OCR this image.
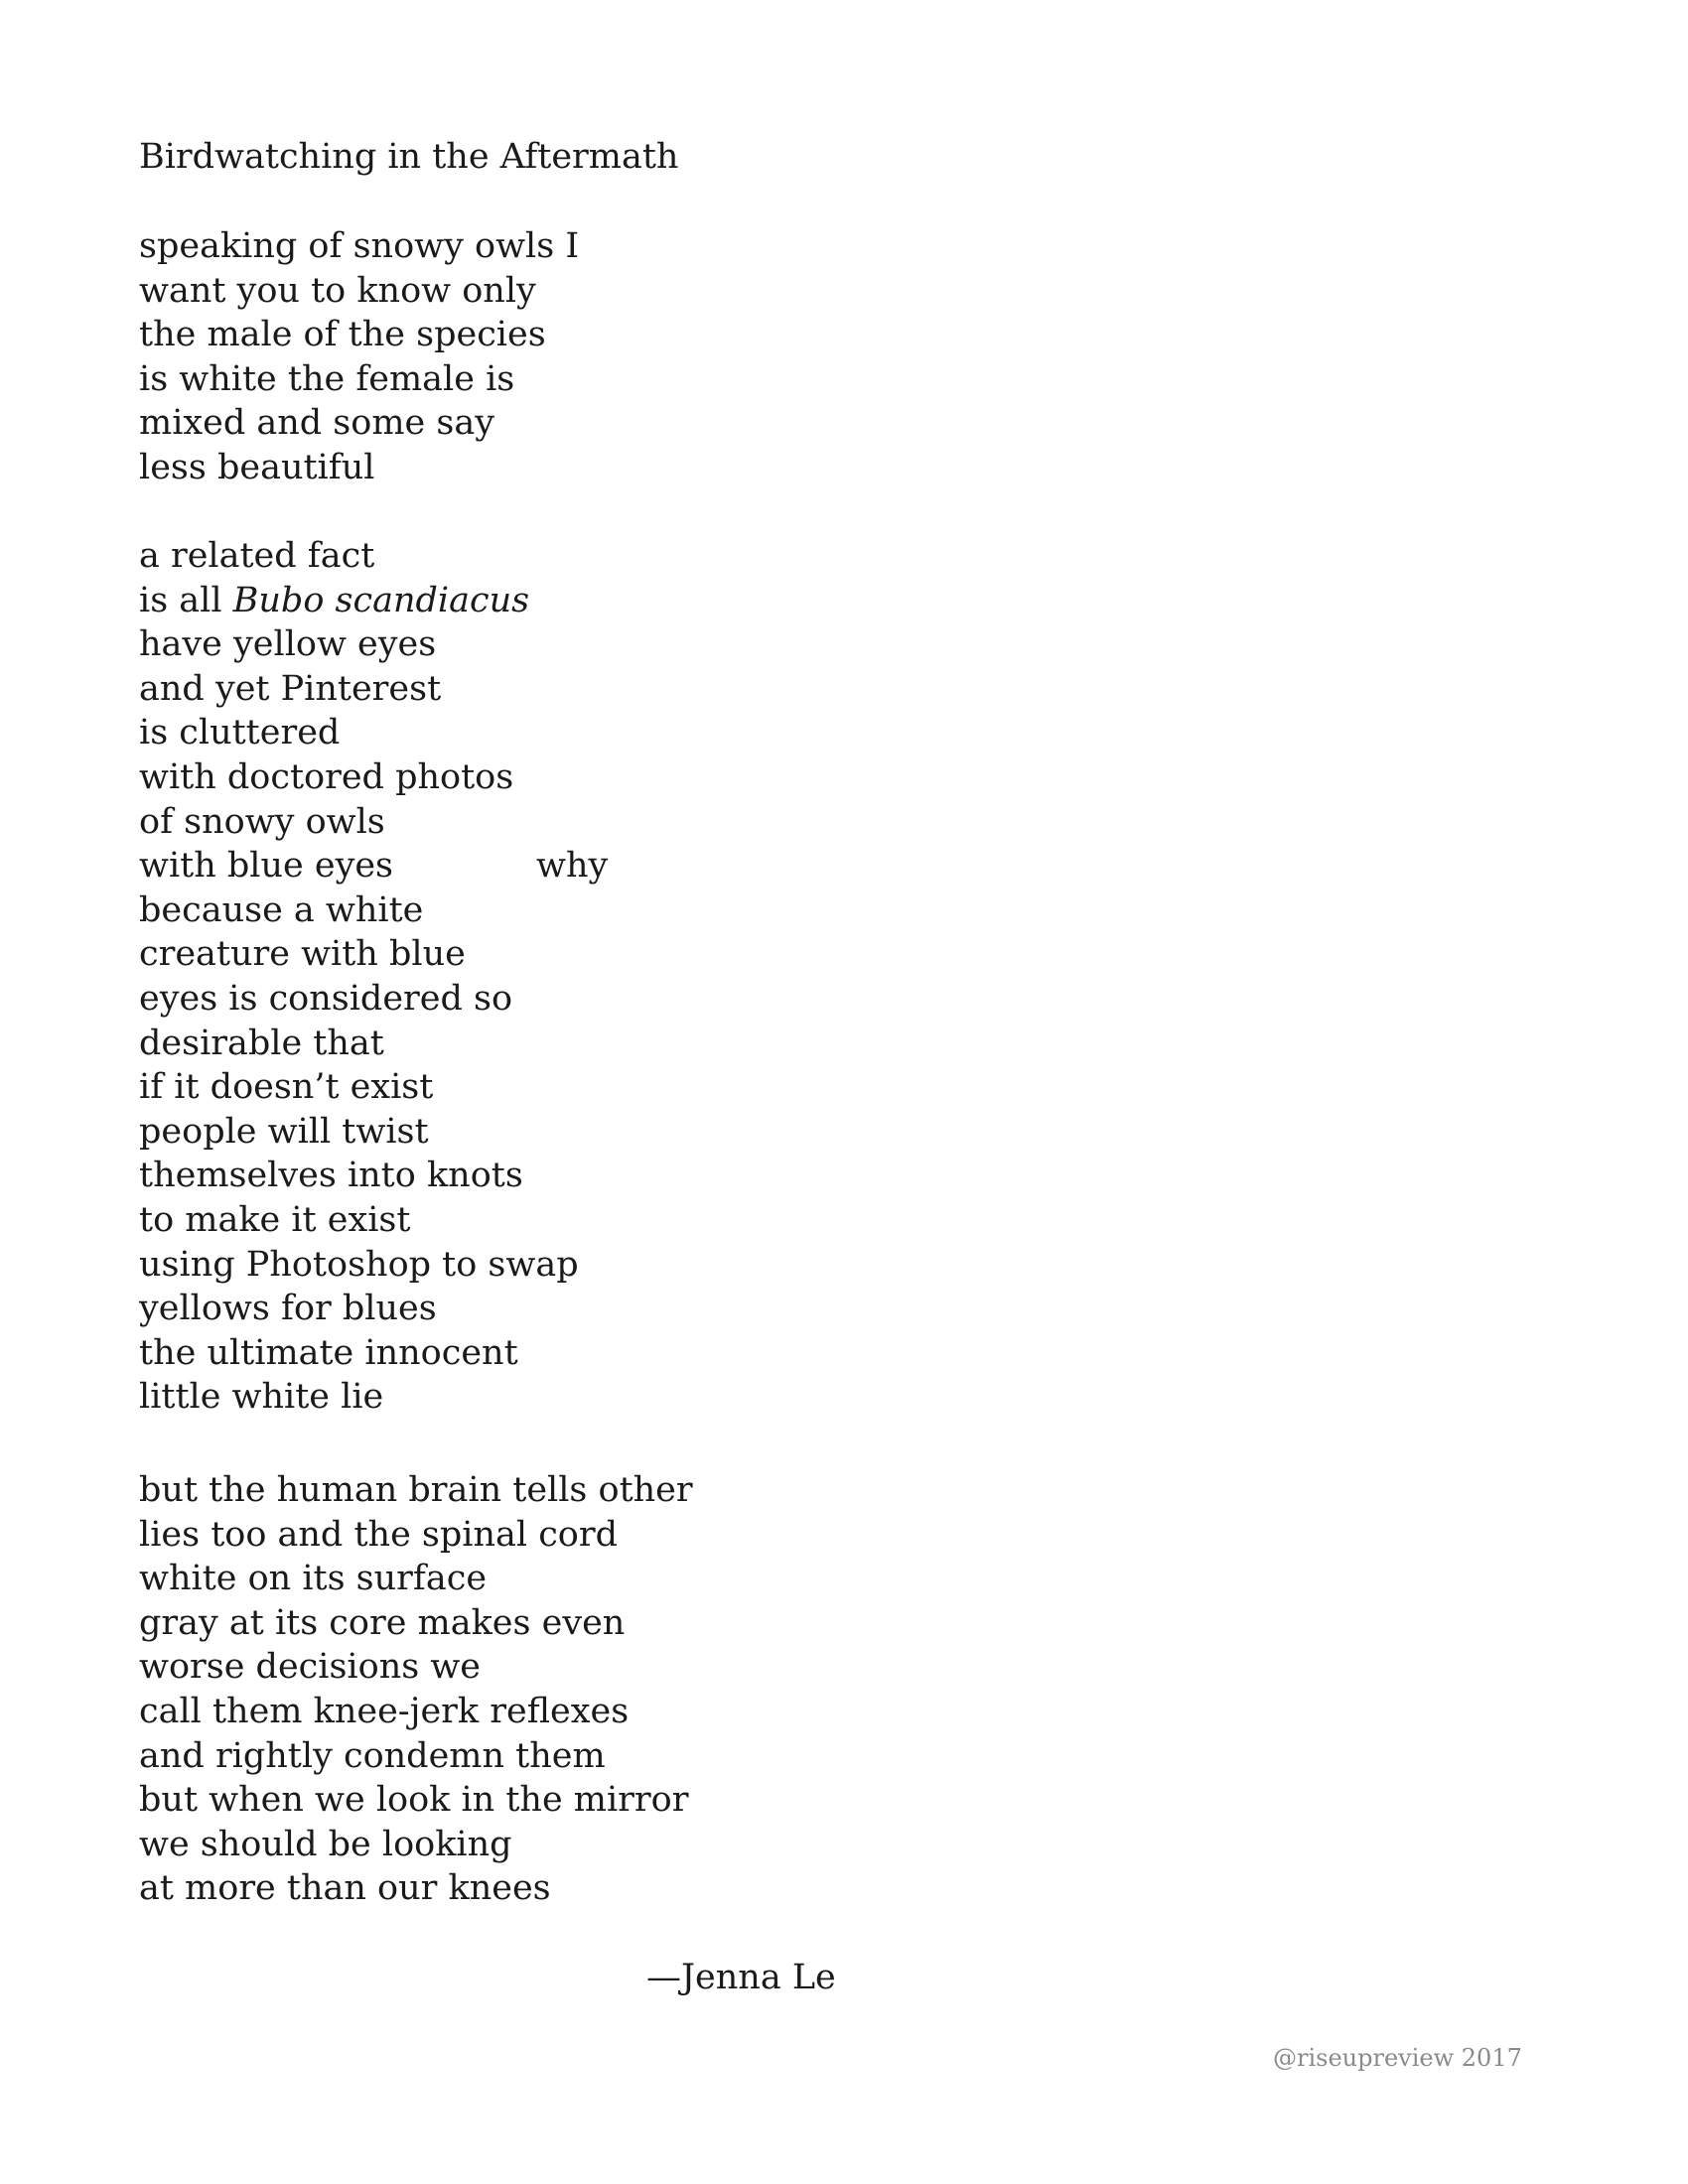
Birdwatching in the Aftermath
speaking of snowy owls I
want you to know only
the male of the species
is white the female is
mixed and some say
less beautiful
a related fact
is all Bubo scandiacus
have yellow eyes
and yet Pinterest
is cluttered
with doctored photos
of snowy owls
with blue eyes	why
because a white
creature with blue
eyes is considered so
desirable that
if it doesn’t exist
people will twist
themselves into knots
to make it exist
using Photoshop to swap
yellows for blues
the ultimate innocent
little white lie
but the human brain tells other
lies too and the spinal cord
white on its surface
gray at its core makes even
worse decisions we
call them knee-jerk reflexes
and rightly condemn them
but when we look in the mirror
we should be looking
at more than our knees
—Jenna Le
@riseupreview 2017
